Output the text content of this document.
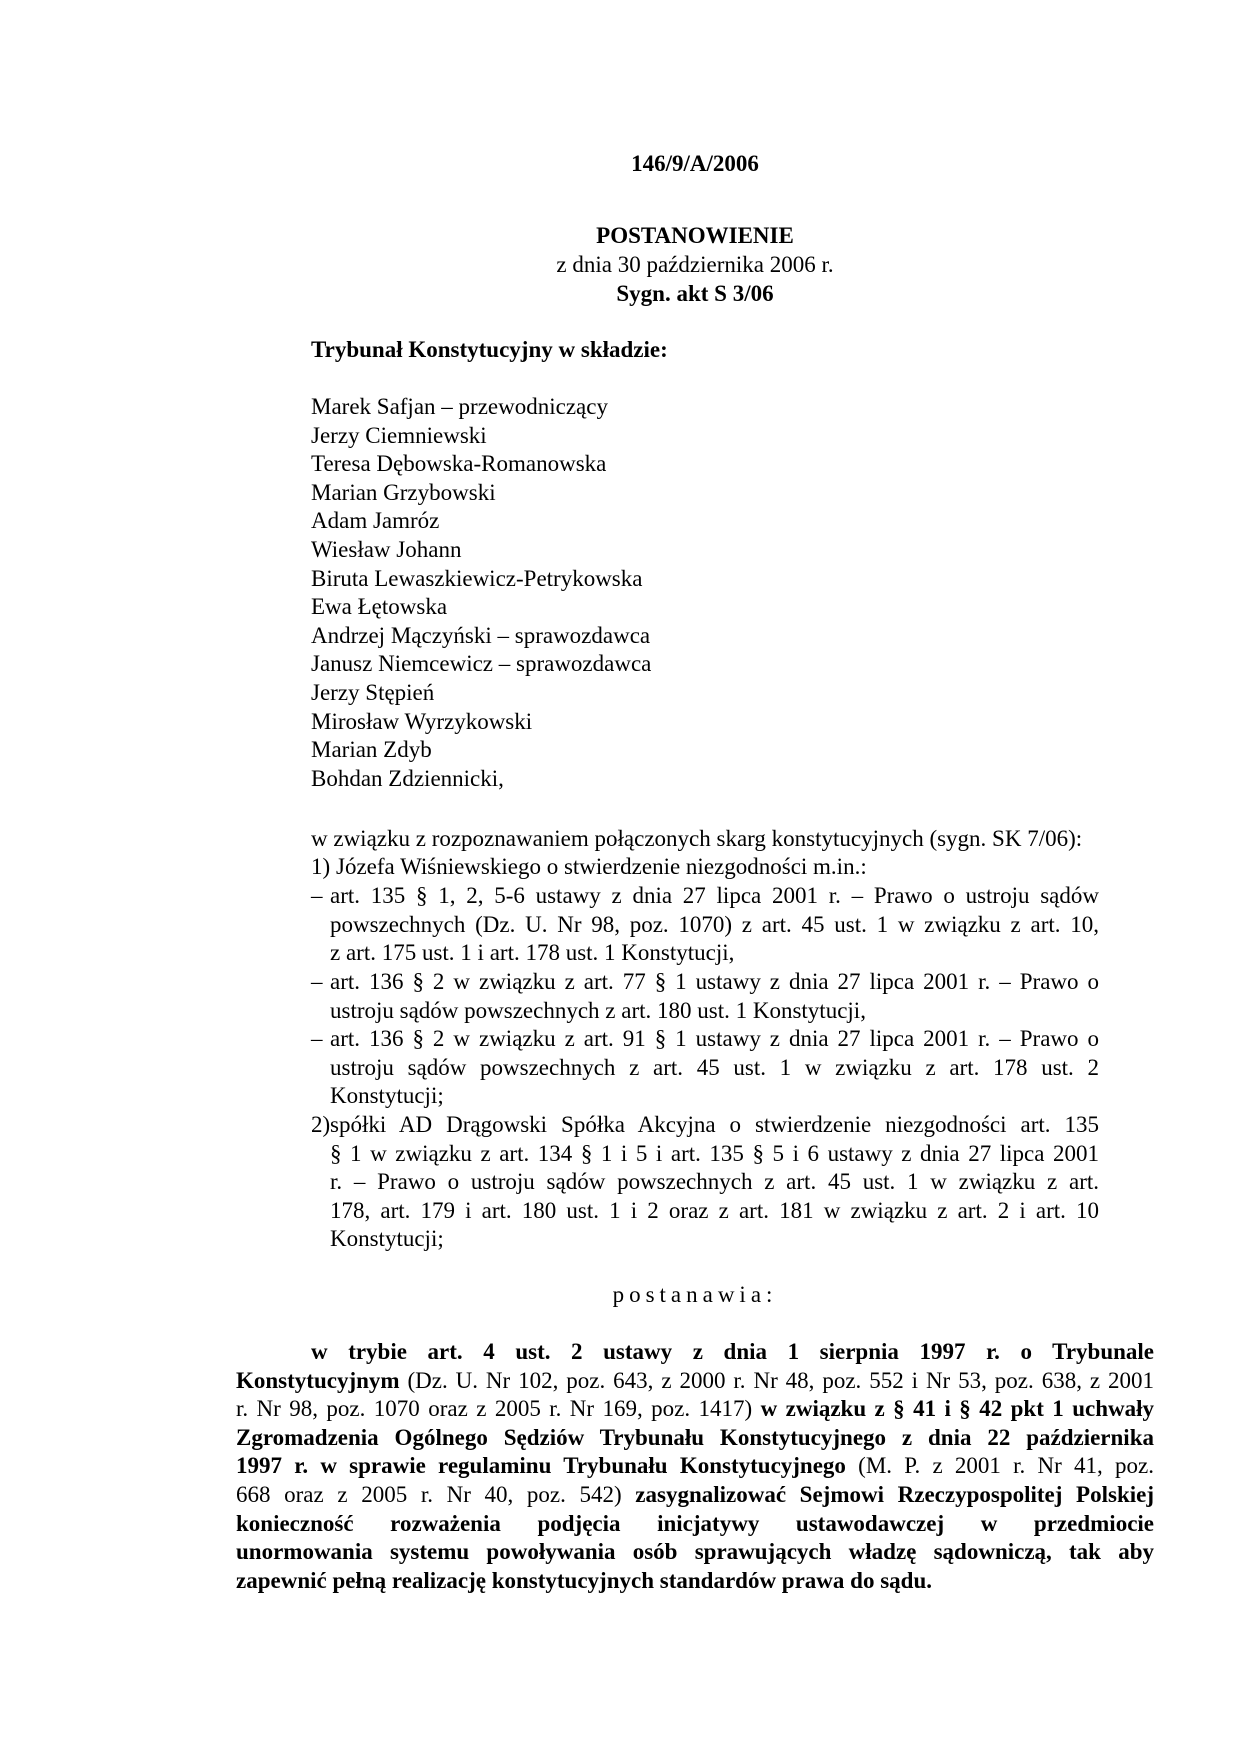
146/9/A/2006
POSTANOWIENIE
z dnia 30 października 2006 r.
Sygn. akt S 3/06
Trybunał Konstytucyjny w składzie:
Marek Safjan – przewodniczący
Jerzy Ciemniewski
Teresa Dębowska-Romanowska
Marian Grzybowski
Adam Jamróz
Wiesław Johann
Biruta Lewaszkiewicz-Petrykowska
Ewa Łętowska
Andrzej Mączyński – sprawozdawca
Janusz Niemcewicz – sprawozdawca
Jerzy Stępień
Mirosław Wyrzykowski
Marian Zdyb
Bohdan Zdziennicki,
w związku z rozpoznawaniem połączonych skarg konstytucyjnych (sygn. SK 7/06):
1) Józefa Wiśniewskiego o stwierdzenie niezgodności m.in.:
– art. 135 § 1, 2, 5-6 ustawy z dnia 27 lipca 2001 r. – Prawo o ustroju sądów
powszechnych (Dz. U. Nr 98, poz. 1070) z art. 45 ust. 1 w związku z art. 10,
z art. 175 ust. 1 i art. 178 ust. 1 Konstytucji,
– art. 136 § 2 w związku z art. 77 § 1 ustawy z dnia 27 lipca 2001 r. – Prawo o
ustroju sądów powszechnych z art. 180 ust. 1 Konstytucji,
– art. 136 § 2 w związku z art. 91 § 1 ustawy z dnia 27 lipca 2001 r. – Prawo o
ustroju sądów powszechnych z art. 45 ust. 1 w związku z art. 178 ust. 2
Konstytucji;
2) spółki AD Drągowski Spółka Akcyjna o stwierdzenie niezgodności art. 135
§ 1 w związku z art. 134 § 1 i 5 i art. 135 § 5 i 6 ustawy z dnia 27 lipca 2001
r. – Prawo o ustroju sądów powszechnych z art. 45 ust. 1 w związku z art.
178, art. 179 i art. 180 ust. 1 i 2 oraz z art. 181 w związku z art. 2 i art. 10
Konstytucji;
postanawia:
w trybie art. 4 ust. 2 ustawy z dnia 1 sierpnia 1997 r. o Trybunale
Konstytucyjnym (Dz. U. Nr 102, poz. 643, z 2000 r. Nr 48, poz. 552 i Nr 53, poz. 638, z 2001
r. Nr 98, poz. 1070 oraz z 2005 r. Nr 169, poz. 1417) w związku z § 41 i § 42 pkt 1 uchwały
Zgromadzenia Ogólnego Sędziów Trybunału Konstytucyjnego z dnia 22 października
1997 r. w sprawie regulaminu Trybunału Konstytucyjnego (M. P. z 2001 r. Nr 41, poz.
668 oraz z 2005 r. Nr 40, poz. 542) zasygnalizować Sejmowi Rzeczypospolitej Polskiej
konieczność rozważenia podjęcia inicjatywy ustawodawczej w przedmiocie
unormowania systemu powoływania osób sprawujących władzę sądowniczą, tak aby
zapewnić pełną realizację konstytucyjnych standardów prawa do sądu.
